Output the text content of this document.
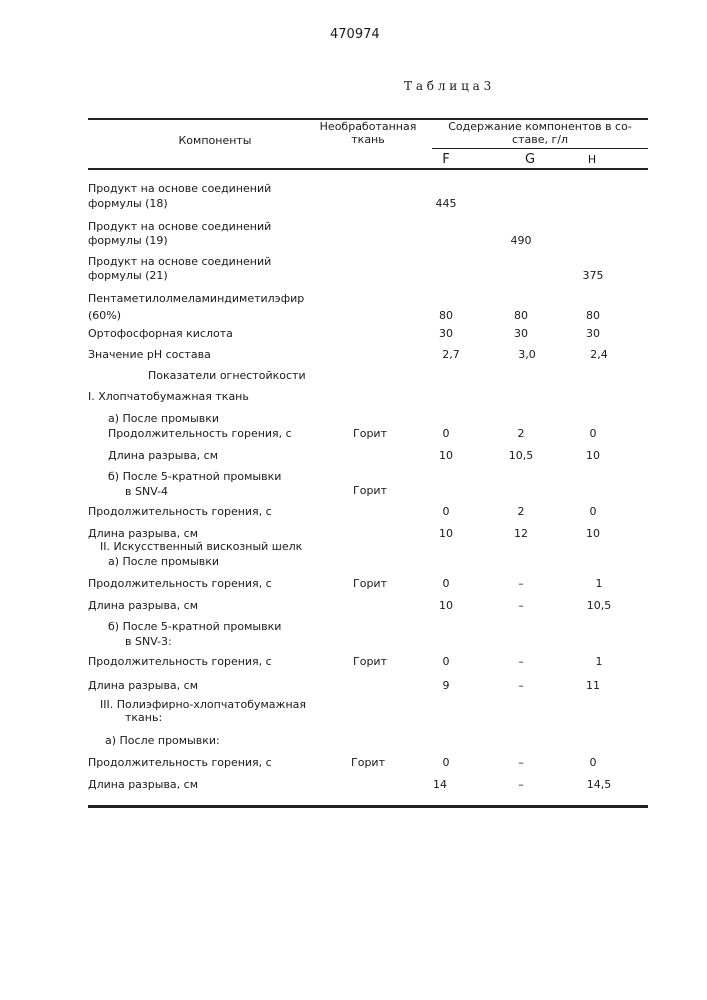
470974
Т а б л и ц а 3
Компоненты
Необработанная
ткань
Содержание компонентов в со-
ставе, г/л
F	G	H
Продукт на основе соединений
формулы (18)	445
Продукт на основе соединений
формулы (19)	490
Продукт на основе соединений
формулы (21)	375
Пентаметилолмеламиндиметилэфир
(60%)	80	80	80
Ортофосфорная кислота	30	30	30
Значение pH состава	2,7	3,0	2,4
Показатели огнестойкости
I. Хлопчатобумажная ткань
а) После промывки
Продолжительность горения, с	Горит	0	2	0
Длина разрыва, см	10	10,5	10
б) После 5-кратной промывки
в SNV-4	Горит
Продолжительность горения, с	0	2	0
Длина разрыва, см	10	12	10
II. Искусственный вискозный шелк
а) После промывки
Продолжительность горения, с	Горит	0	–	1
Длина разрыва, см	10	–	10,5
б) После 5-кратной промывки
в SNV-3:
Продолжительность горения, с	Горит	0	–	1
Длина разрыва, см	9	–	11
III. Полиэфирно-хлопчатобумажная
ткань:
а) После промывки:
Продолжительность горения, с	Горит	0	–	0
Длина разрыва, см	14	–	14,5
